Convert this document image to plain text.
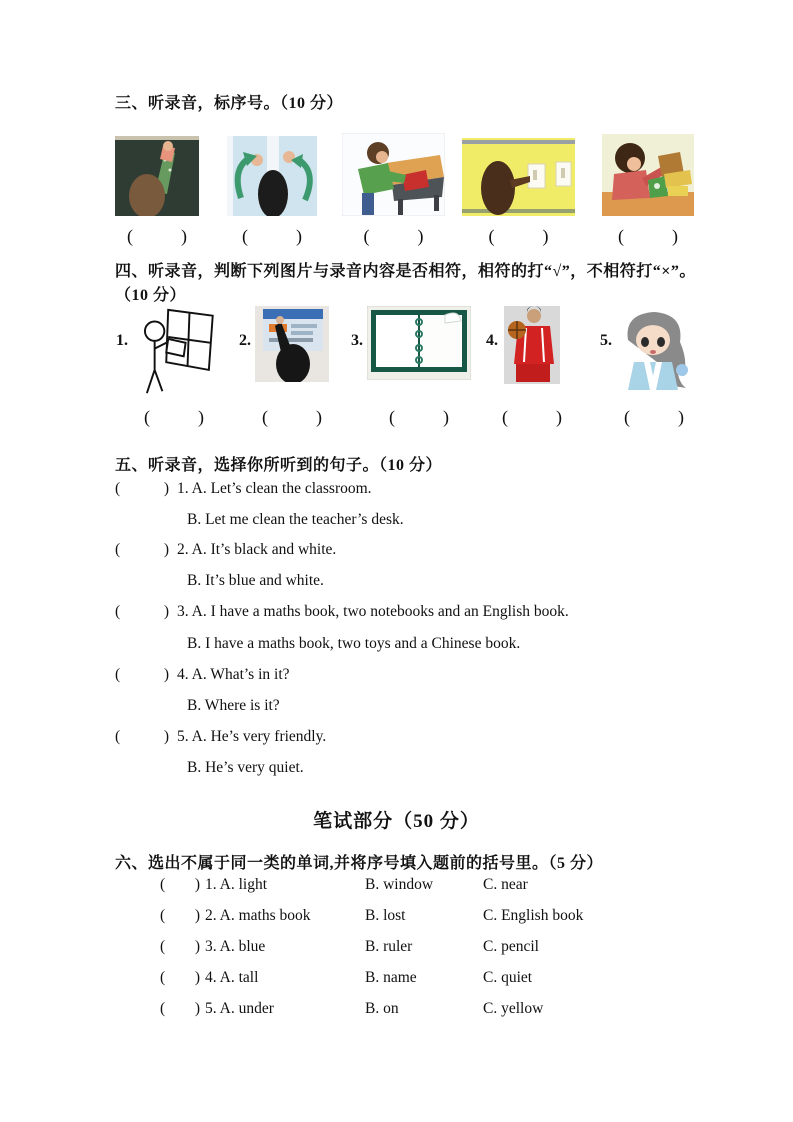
三、听录音，标序号。（10 分）
(	)	(	)	(	)	(	)	(	)
四、听录音，判断下列图片与录音内容是否相符，相符的打“√”，不相符打“×”。
（10 分）
1.
(	)
2.
(	)
3.
(	)
4.
(	)
5.
(	)
五、听录音，选择你所听到的句子。（10 分）
(	) 1. A. Let’s clean the classroom.
B. Let me clean the teacher’s desk.
(	) 2. A. It’s black and white.
B. It’s blue and white.
(	) 3. A. I have a maths book, two notebooks and an English book.
B. I have a maths book, two toys and a Chinese book.
(	) 4. A. What’s in it?
B. Where is it?
(	) 5. A. He’s very friendly.
B. He’s very quiet.
笔试部分（50 分）
六、选出不属于同一类的单词,并将序号填入题前的括号里。（5 分）
( ) 1. A. light	B. window	C. near
( ) 2. A. maths book	B. lost	C. English book
( ) 3. A. blue	B. ruler	C. pencil
( ) 4. A. tall	B. name	C. quiet
( ) 5. A. under	B. on	C. yellow
